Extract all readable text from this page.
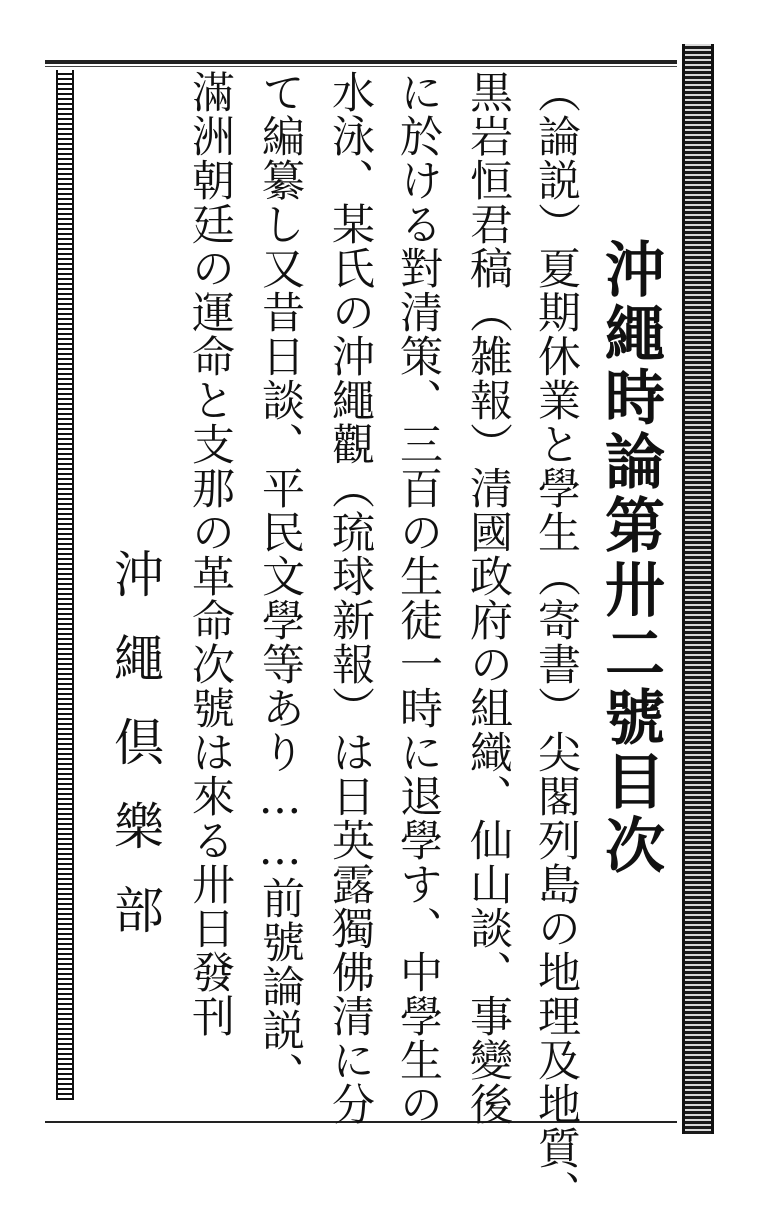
沖繩時論第卅二號目次
（論説）夏期休業と學生（寄書）尖閣列島の地理及地質、
黒岩恒君稿（雑報）清國政府の組織、仙山談、事變後
に於ける對清策、三百の生徒一時に退學す、中學生の
水泳、某氏の沖繩觀（琉球新報）は日英露獨佛清に分
て編纂し又昔日談、平民文學等あり……前號論説、
滿洲朝廷の運命と支那の革命次號は來る卅日發刊
沖繩倶樂部
